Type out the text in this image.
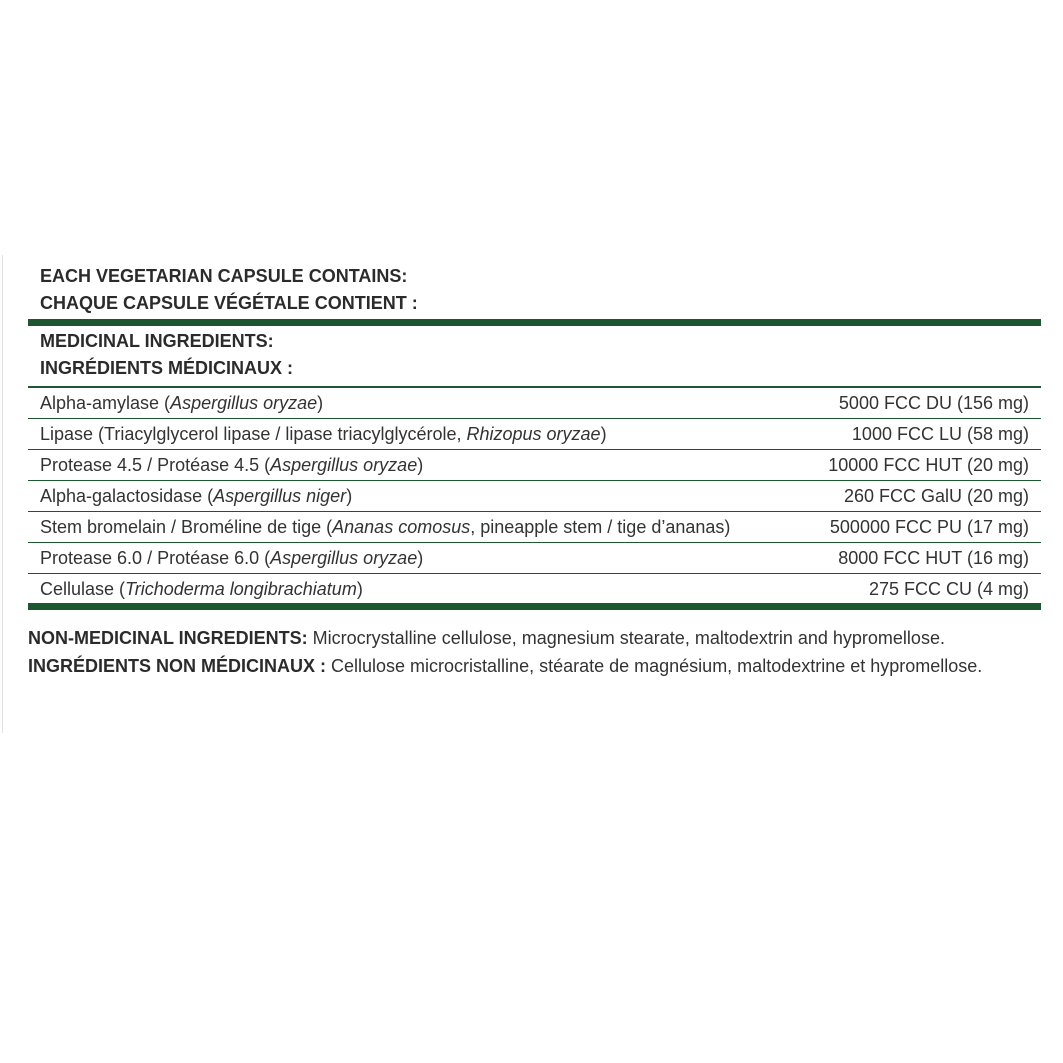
EACH VEGETARIAN CAPSULE CONTAINS:
CHAQUE CAPSULE VÉGÉTALE CONTIENT :
MEDICINAL INGREDIENTS:
INGRÉDIENTS MÉDICINAUX :
Alpha-amylase (Aspergillus oryzae)	5000 FCC DU (156 mg)
Lipase (Triacylglycerol lipase / lipase triacylglycérole, Rhizopus oryzae)	1000 FCC LU (58 mg)
Protease 4.5 / Protéase 4.5 (Aspergillus oryzae)	10000 FCC HUT (20 mg)
Alpha-galactosidase (Aspergillus niger)	260 FCC GalU (20 mg)
Stem bromelain / Broméline de tige (Ananas comosus, pineapple stem / tige d’ananas)	500000 FCC PU (17 mg)
Protease 6.0 / Protéase 6.0 (Aspergillus oryzae)	8000 FCC HUT (16 mg)
Cellulase (Trichoderma longibrachiatum)	275 FCC CU (4 mg)
NON-MEDICINAL INGREDIENTS: Microcrystalline cellulose, magnesium stearate, maltodextrin and hypromellose.
INGRÉDIENTS NON MÉDICINAUX : Cellulose microcristalline, stéarate de magnésium, maltodextrine et hypromellose.
